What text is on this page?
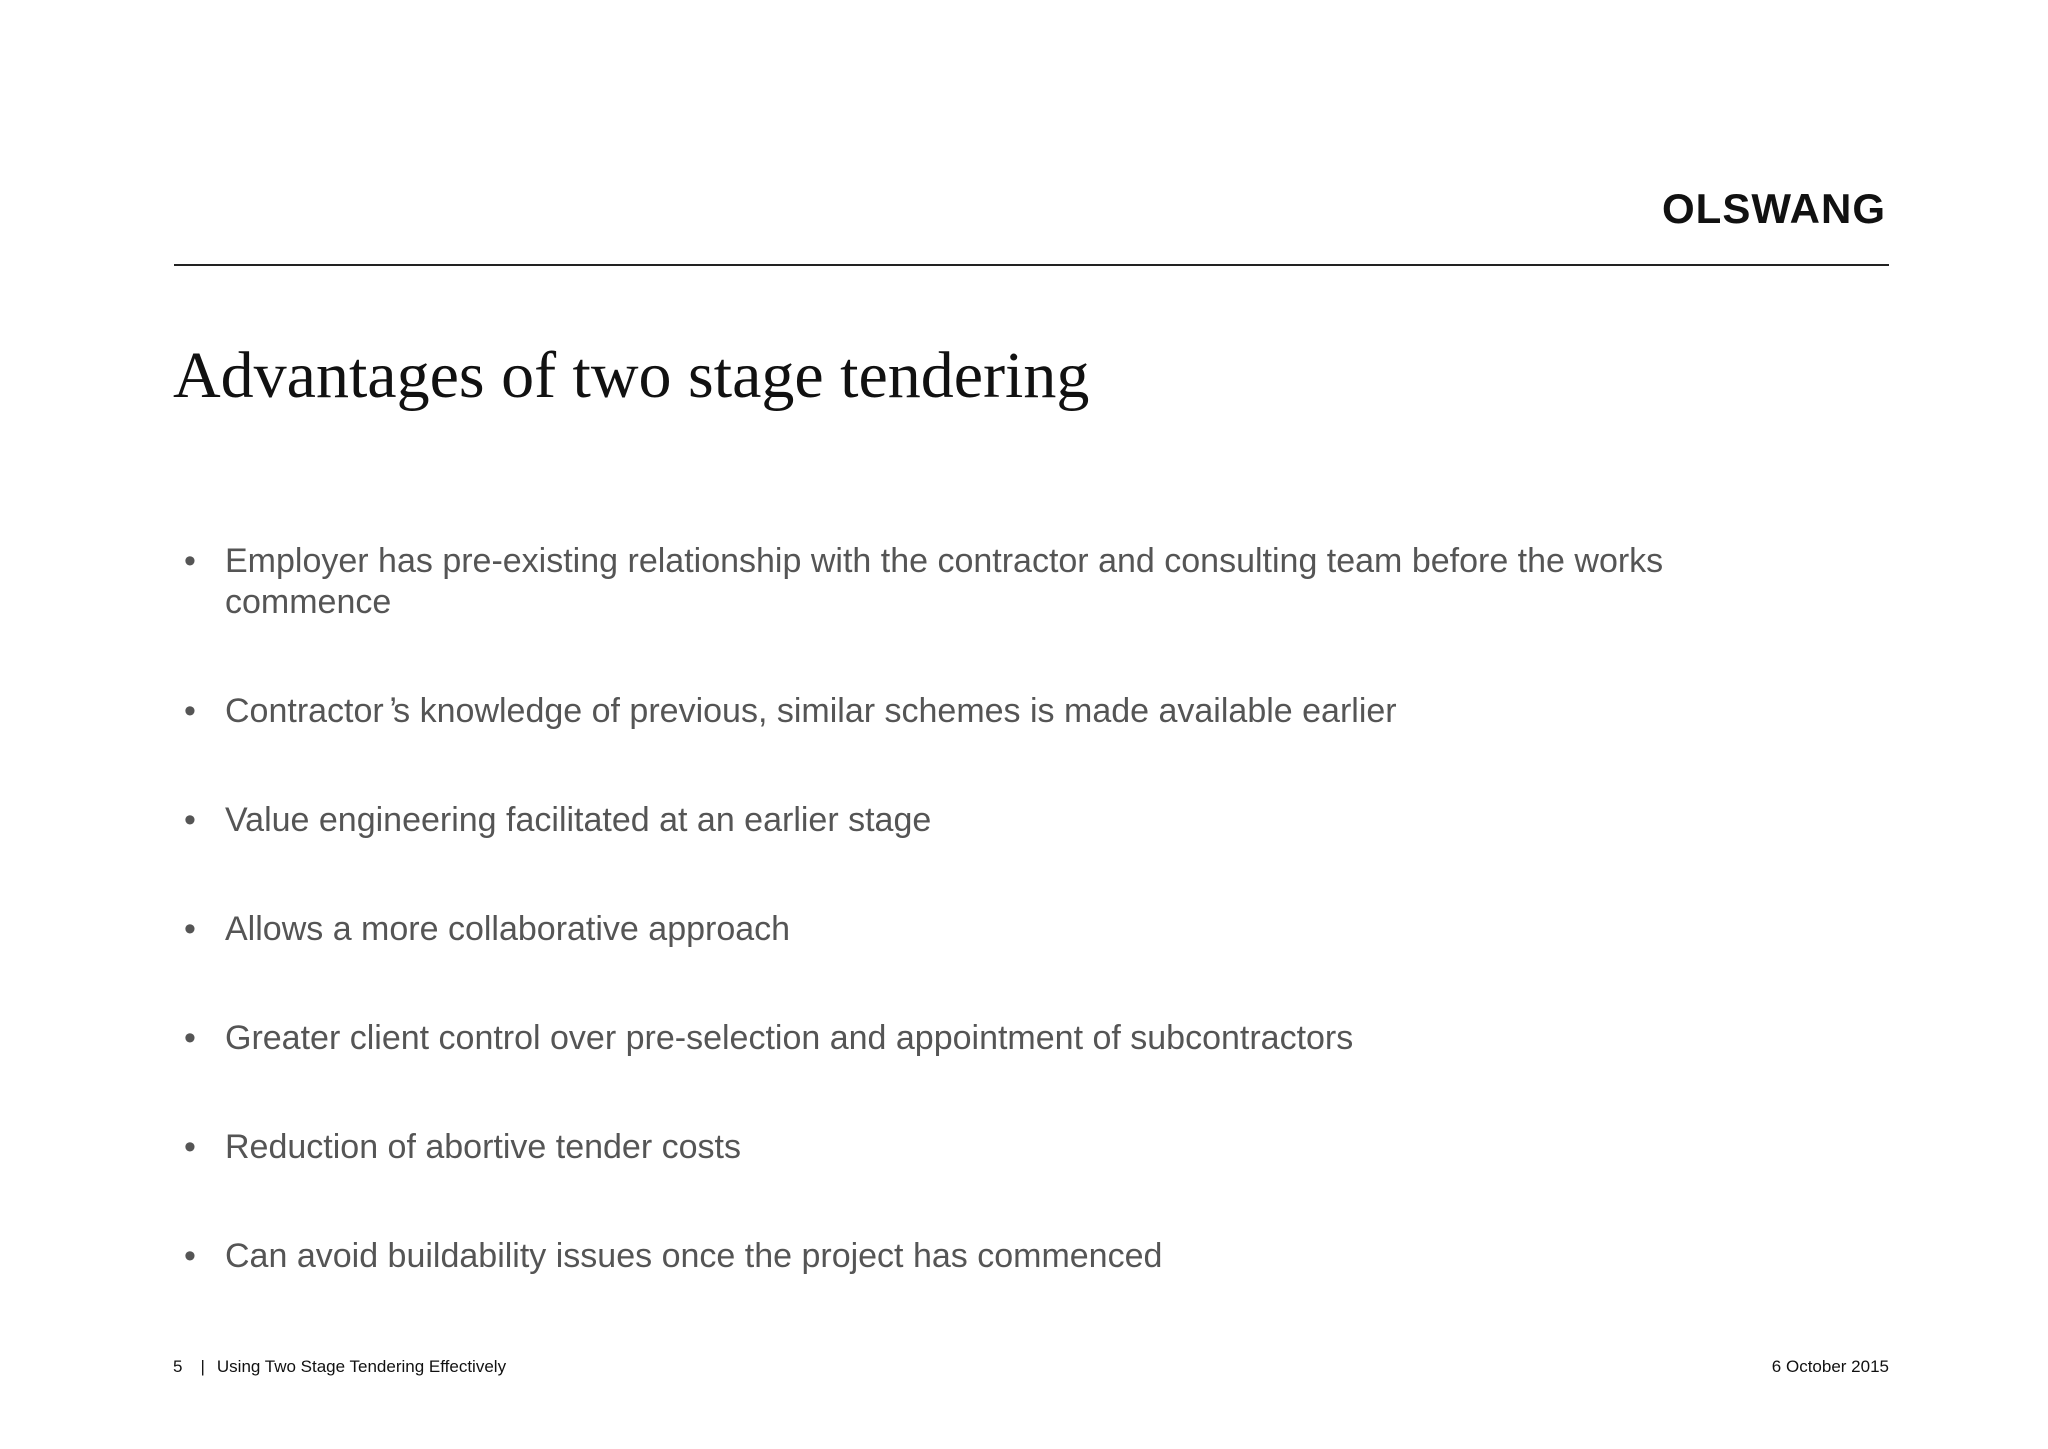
OLSWANG
Advantages of two stage tendering
• Employer has pre-existing relationship with the contractor and consulting team before the works commence
• Contractor ̓s knowledge of previous, similar schemes is made available earlier
• Value engineering facilitated at an earlier stage
• Allows a more collaborative approach
• Greater client control over pre-selection and appointment of subcontractors
• Reduction of abortive tender costs
• Can avoid buildability issues once the project has commenced
5 | Using Two Stage Tendering Effectively	6 October 2015
